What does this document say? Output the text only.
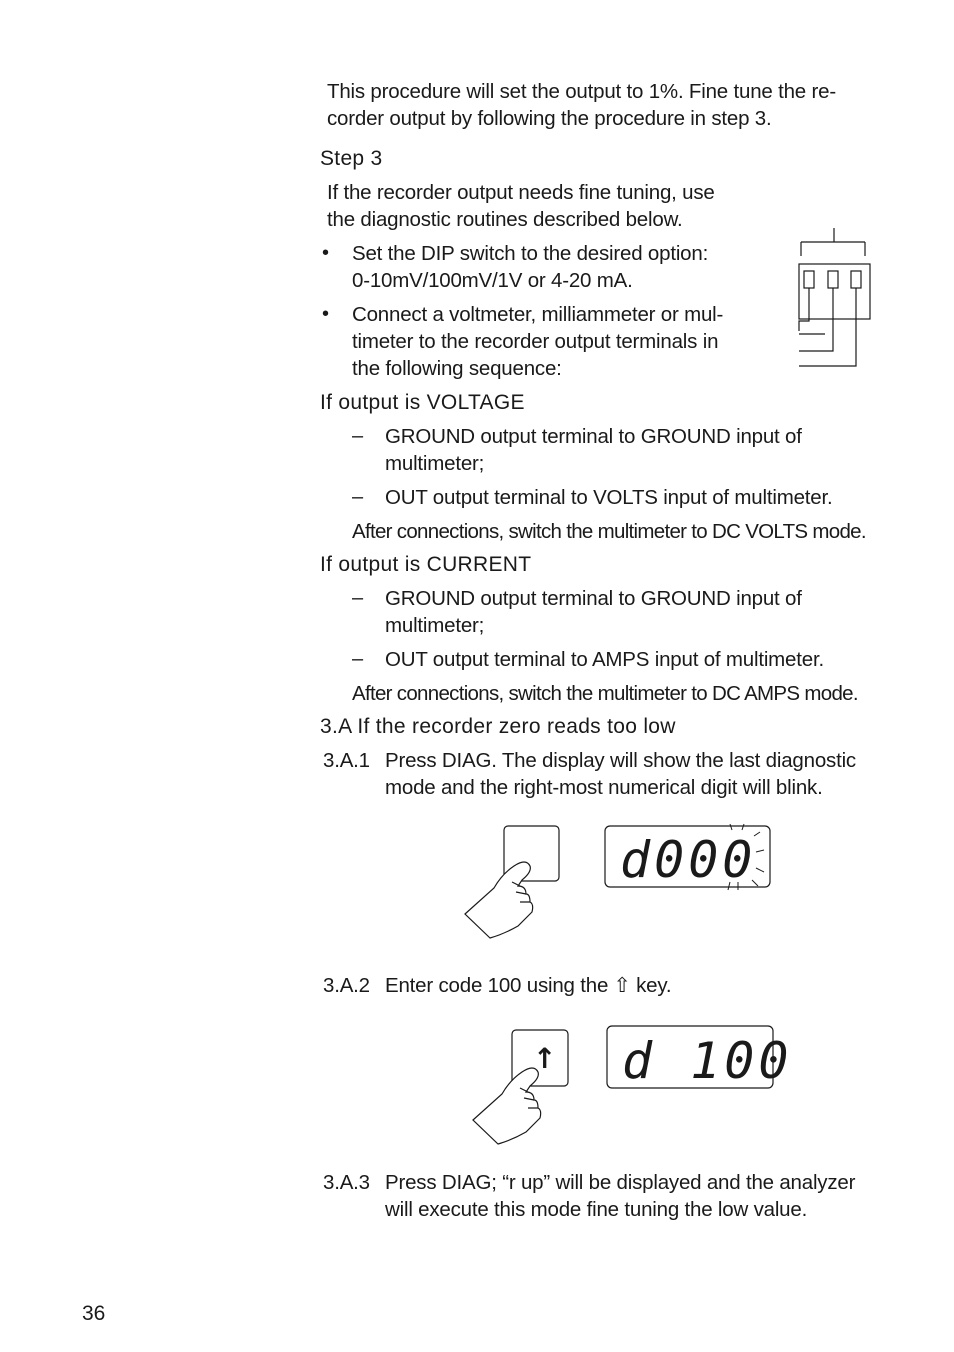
This procedure will set the output to 1%. Fine tune the re-
corder output by following the procedure in step 3.
Step 3
If the recorder output needs fine tuning, use
the diagnostic routines described below.
• Set the DIP switch to the desired option:
0-10mV/100mV/1V or 4-20 mA.
• Connect a voltmeter, milliammeter or mul-
timeter to the recorder output terminals in
the following sequence:
If output is VOLTAGE
– GROUND output terminal to GROUND input of
multimeter;
– OUT output terminal to VOLTS input of multimeter.
After connections, switch the multimeter to DC VOLTS mode.
If output is CURRENT
– GROUND output terminal to GROUND input of
multimeter;
– OUT output terminal to AMPS input of multimeter.
After connections, switch the multimeter to DC AMPS mode.
3.A If the recorder zero reads too low
3.A.1 Press DIAG. The display will show the last diagnostic
mode and the right-most numerical digit will blink.
d000
3.A.2 Enter code 100 using the ⇧ key.
↑ d 100
3.A.3 Press DIAG; “r up” will be displayed and the analyzer
will execute this mode fine tuning the low value.
36
